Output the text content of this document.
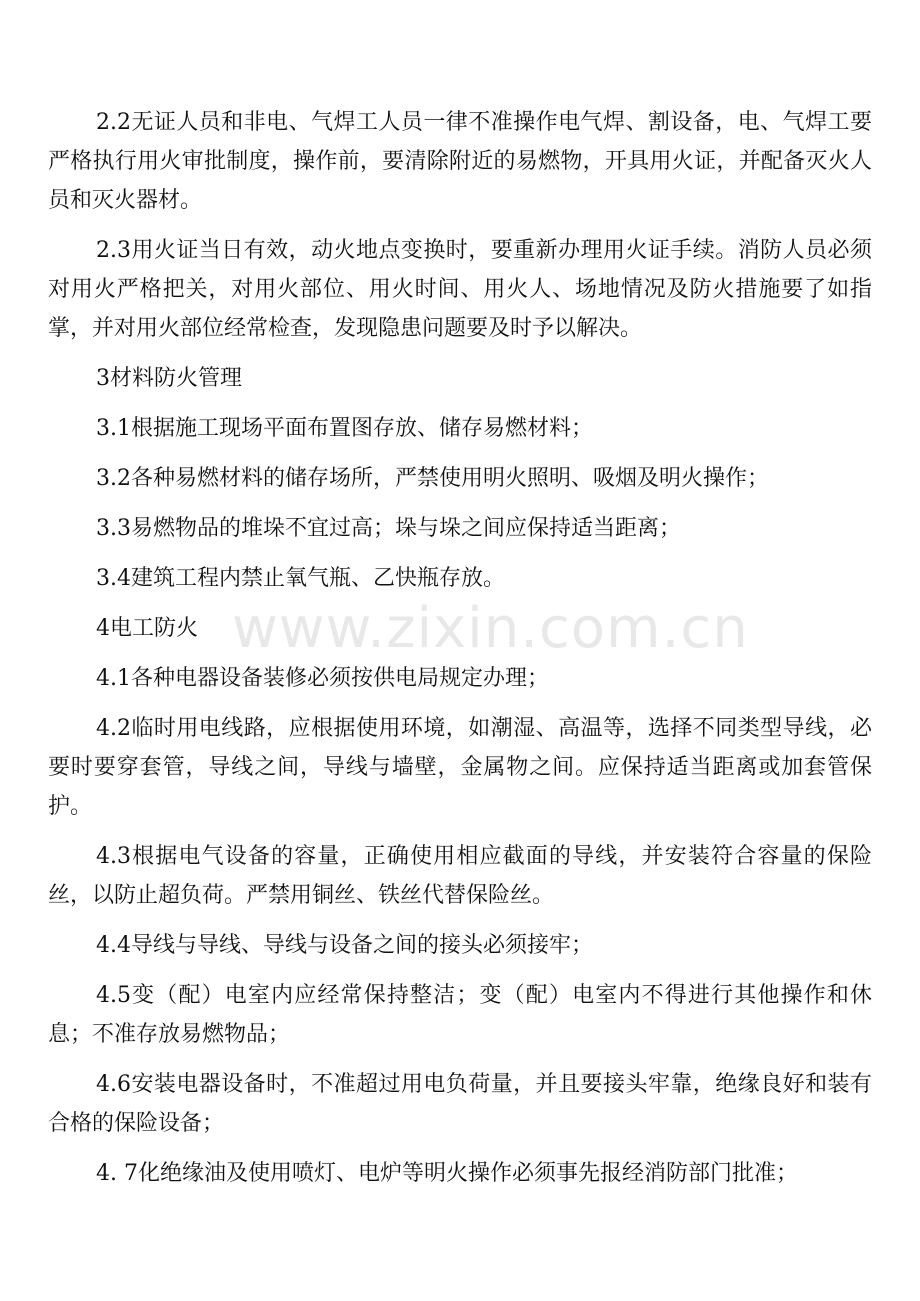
2.2无证人员和非电、气焊工人员一律不准操作电气焊、割设备，电、气焊工要严格执行用火审批制度，操作前，要清除附近的易燃物，开具用火证，并配备灭火人员和灭火器材。

2.3用火证当日有效，动火地点变换时，要重新办理用火证手续。消防人员必须对用火严格把关，对用火部位、用火时间、用火人、场地情况及防火措施要了如指掌，并对用火部位经常检查，发现隐患问题要及时予以解决。

3材料防火管理

3.1根据施工现场平面布置图存放、储存易燃材料；

3.2各种易燃材料的储存场所，严禁使用明火照明、吸烟及明火操作；

3.3易燃物品的堆垛不宜过高；垛与垛之间应保持适当距离；

3.4建筑工程内禁止氧气瓶、乙快瓶存放。

4电工防火

4.1各种电器设备装修必须按供电局规定办理；

4.2临时用电线路，应根据使用环境，如潮湿、高温等，选择不同类型导线，必要时要穿套管，导线之间，导线与墙壁，金属物之间。应保持适当距离或加套管保护。

4.3根据电气设备的容量，正确使用相应截面的导线，并安装符合容量的保险丝，以防止超负荷。严禁用铜丝、铁丝代替保险丝。

4.4导线与导线、导线与设备之间的接头必须接牢；

4.5变（配）电室内应经常保持整洁；变（配）电室内不得进行其他操作和休息；不准存放易燃物品；

4.6安装电器设备时，不准超过用电负荷量，并且要接头牢靠，绝缘良好和装有合格的保险设备；

4. 7化绝缘油及使用喷灯、电炉等明火操作必须事先报经消防部门批准；

www.zixin.com.cn
